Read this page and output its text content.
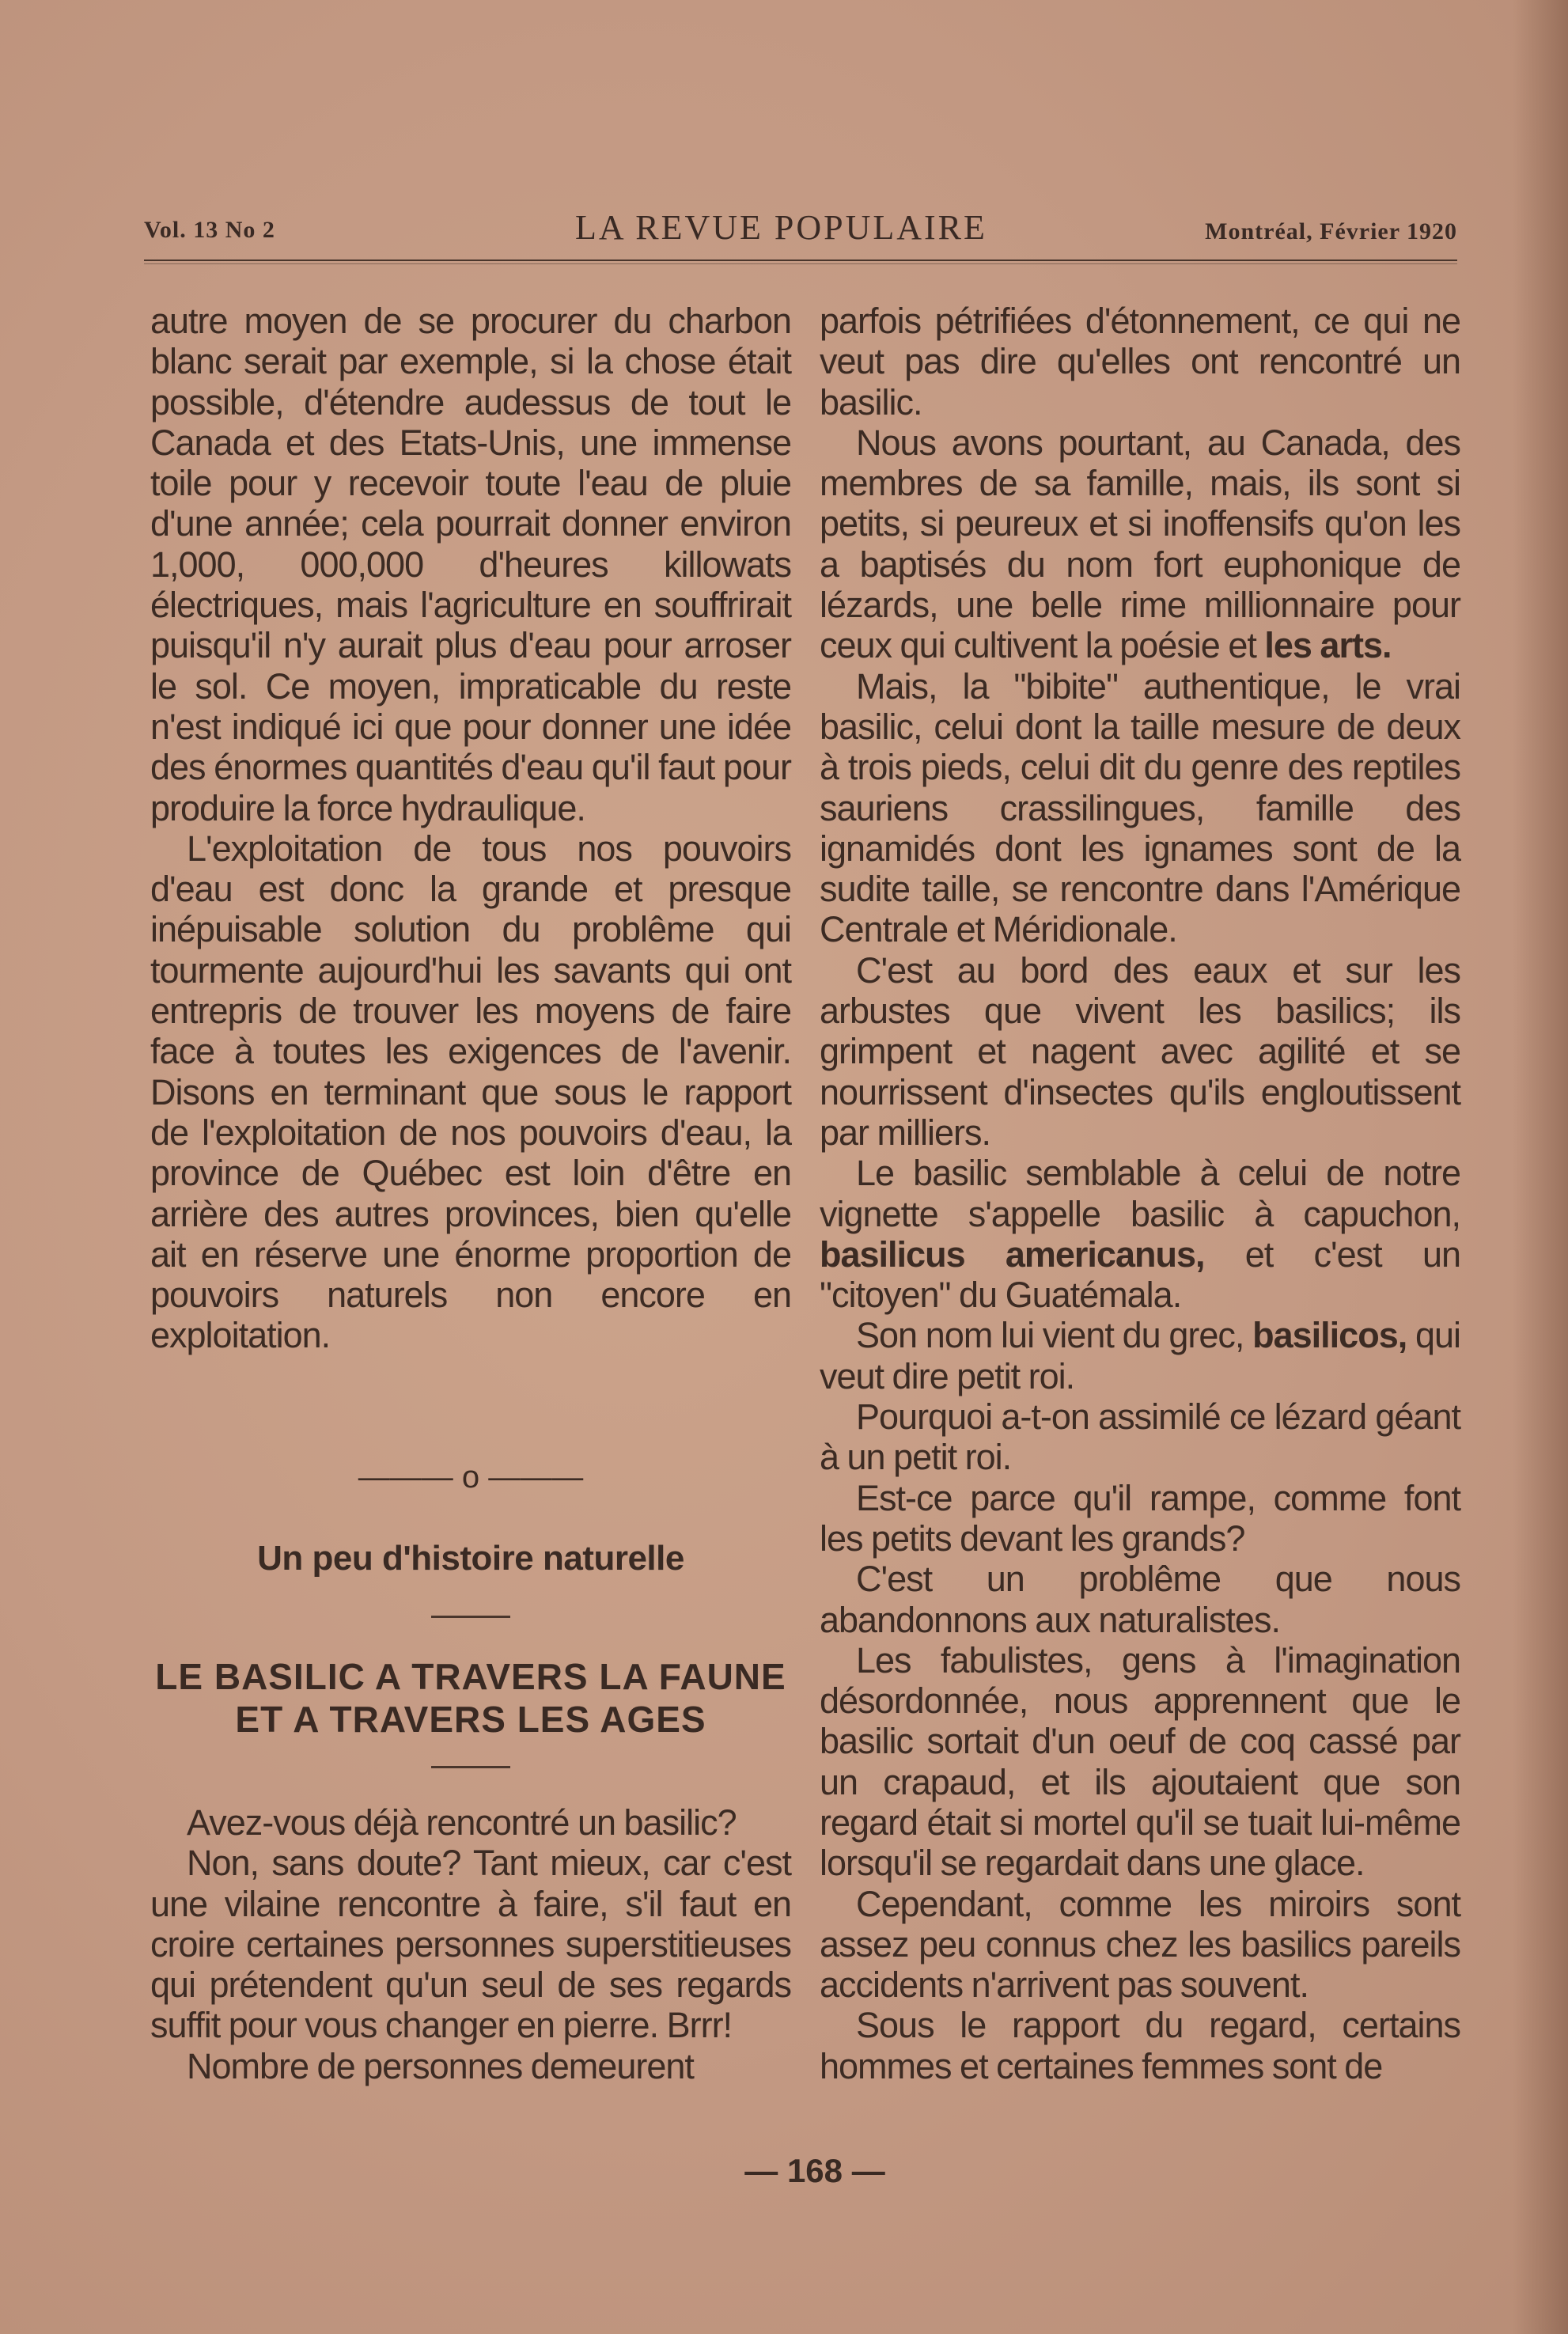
Vol. 13 No 2	LA REVUE POPULAIRE	Montréal, Février 1920

autre moyen de se procurer du charbon blanc serait par exemple, si la chose était possible, d'étendre audessus de tout le Canada et des Etats-Unis, une immense toile pour y recevoir toute l'eau de pluie d'une année; cela pourrait donner environ 1,000, 000,000 d'heures killowats électriques, mais l'agriculture en souffrirait puisqu'il n'y aurait plus d'eau pour arroser le sol. Ce moyen, impraticable du reste n'est indiqué ici que pour donner une idée des énormes quantités d'eau qu'il faut pour produire la force hydraulique.

L'exploitation de tous nos pouvoirs d'eau est donc la grande et presque inépuisable solution du problême qui tourmente aujourd'hui les savants qui ont entrepris de trouver les moyens de faire face à toutes les exigences de l'avenir. Disons en terminant que sous le rapport de l'exploitation de nos pouvoirs d'eau, la province de Québec est loin d'être en arrière des autres provinces, bien qu'elle ait en réserve une énorme proportion de pouvoirs naturels non encore en exploitation.

——— o ———
Un peu d'histoire naturelle
LE BASILIC A TRAVERS LA FAUNE
ET A TRAVERS LES AGES

Avez-vous déjà rencontré un basilic?

Non, sans doute? Tant mieux, car c'est une vilaine rencontre à faire, s'il faut en croire certaines personnes superstitieuses qui prétendent qu'un seul de ses regards suffit pour vous changer en pierre. Brrr!

Nombre de personnes demeurent

parfois pétrifiées d'étonnement, ce qui ne veut pas dire qu'elles ont rencontré un basilic.

Nous avons pourtant, au Canada, des membres de sa famille, mais, ils sont si petits, si peureux et si inoffensifs qu'on les a baptisés du nom fort euphonique de lézards, une belle rime millionnaire pour ceux qui cultivent la poésie et les arts.

Mais, la "bibite" authentique, le vrai basilic, celui dont la taille mesure de deux à trois pieds, celui dit du genre des reptiles sauriens crassilingues, famille des ignamidés dont les ignames sont de la sudite taille, se rencontre dans l'Amérique Centrale et Méridionale.

C'est au bord des eaux et sur les arbustes que vivent les basilics; ils grimpent et nagent avec agilité et se nourrissent d'insectes qu'ils engloutissent par milliers.

Le basilic semblable à celui de notre vignette s'appelle basilic à capuchon, basilicus americanus, et c'est un "citoyen" du Guatémala.

Son nom lui vient du grec, basilicos, qui veut dire petit roi.

Pourquoi a-t-on assimilé ce lézard géant à un petit roi.

Est-ce parce qu'il rampe, comme font les petits devant les grands?

C'est un problême que nous abandonnons aux naturalistes.

Les fabulistes, gens à l'imagination désordonnée, nous apprennent que le basilic sortait d'un oeuf de coq cassé par un crapaud, et ils ajoutaient que son regard était si mortel qu'il se tuait lui-même lorsqu'il se regardait dans une glace.

Cependant, comme les miroirs sont assez peu connus chez les basilics pareils accidents n'arrivent pas souvent.

Sous le rapport du regard, certains hommes et certaines femmes sont de

— 168 —
